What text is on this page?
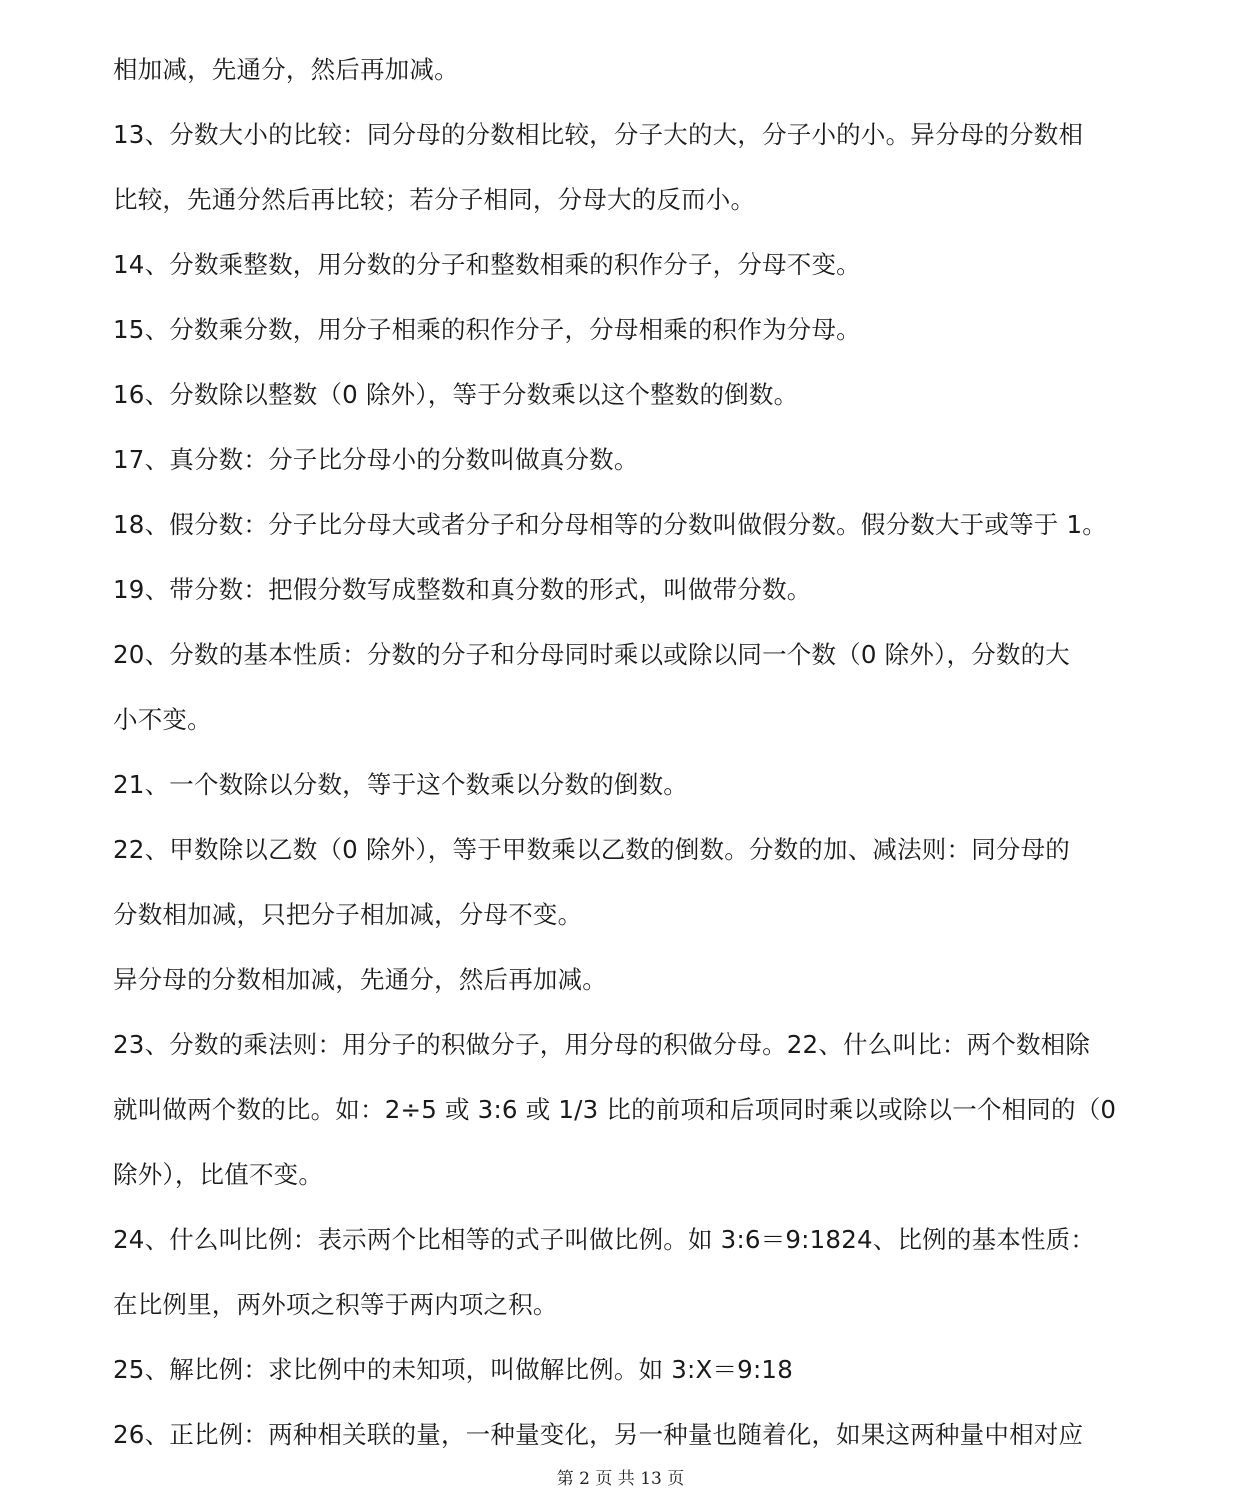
相加减，先通分，然后再加减。
13、分数大小的比较：同分母的分数相比较，分子大的大，分子小的小。异分母的分数相
比较，先通分然后再比较；若分子相同，分母大的反而小。
14、分数乘整数，用分数的分子和整数相乘的积作分子，分母不变。
15、分数乘分数，用分子相乘的积作分子，分母相乘的积作为分母。
16、分数除以整数（0 除外），等于分数乘以这个整数的倒数。
17、真分数：分子比分母小的分数叫做真分数。
18、假分数：分子比分母大或者分子和分母相等的分数叫做假分数。假分数大于或等于 1。
19、带分数：把假分数写成整数和真分数的形式，叫做带分数。
20、分数的基本性质：分数的分子和分母同时乘以或除以同一个数（0 除外），分数的大
小不变。
21、一个数除以分数，等于这个数乘以分数的倒数。
22、甲数除以乙数（0 除外），等于甲数乘以乙数的倒数。分数的加、减法则：同分母的
分数相加减，只把分子相加减，分母不变。
异分母的分数相加减，先通分，然后再加减。
23、分数的乘法则：用分子的积做分子，用分母的积做分母。22、什么叫比：两个数相除
就叫做两个数的比。如：2÷5 或 3:6 或 1/3 比的前项和后项同时乘以或除以一个相同的（0
除外），比值不变。
24、什么叫比例：表示两个比相等的式子叫做比例。如 3:6＝9:1824、比例的基本性质：
在比例里，两外项之积等于两内项之积。
25、解比例：求比例中的未知项，叫做解比例。如 3:X＝9:18
26、正比例：两种相关联的量，一种量变化，另一种量也随着化，如果这两种量中相对应
第 2 页 共 13 页
